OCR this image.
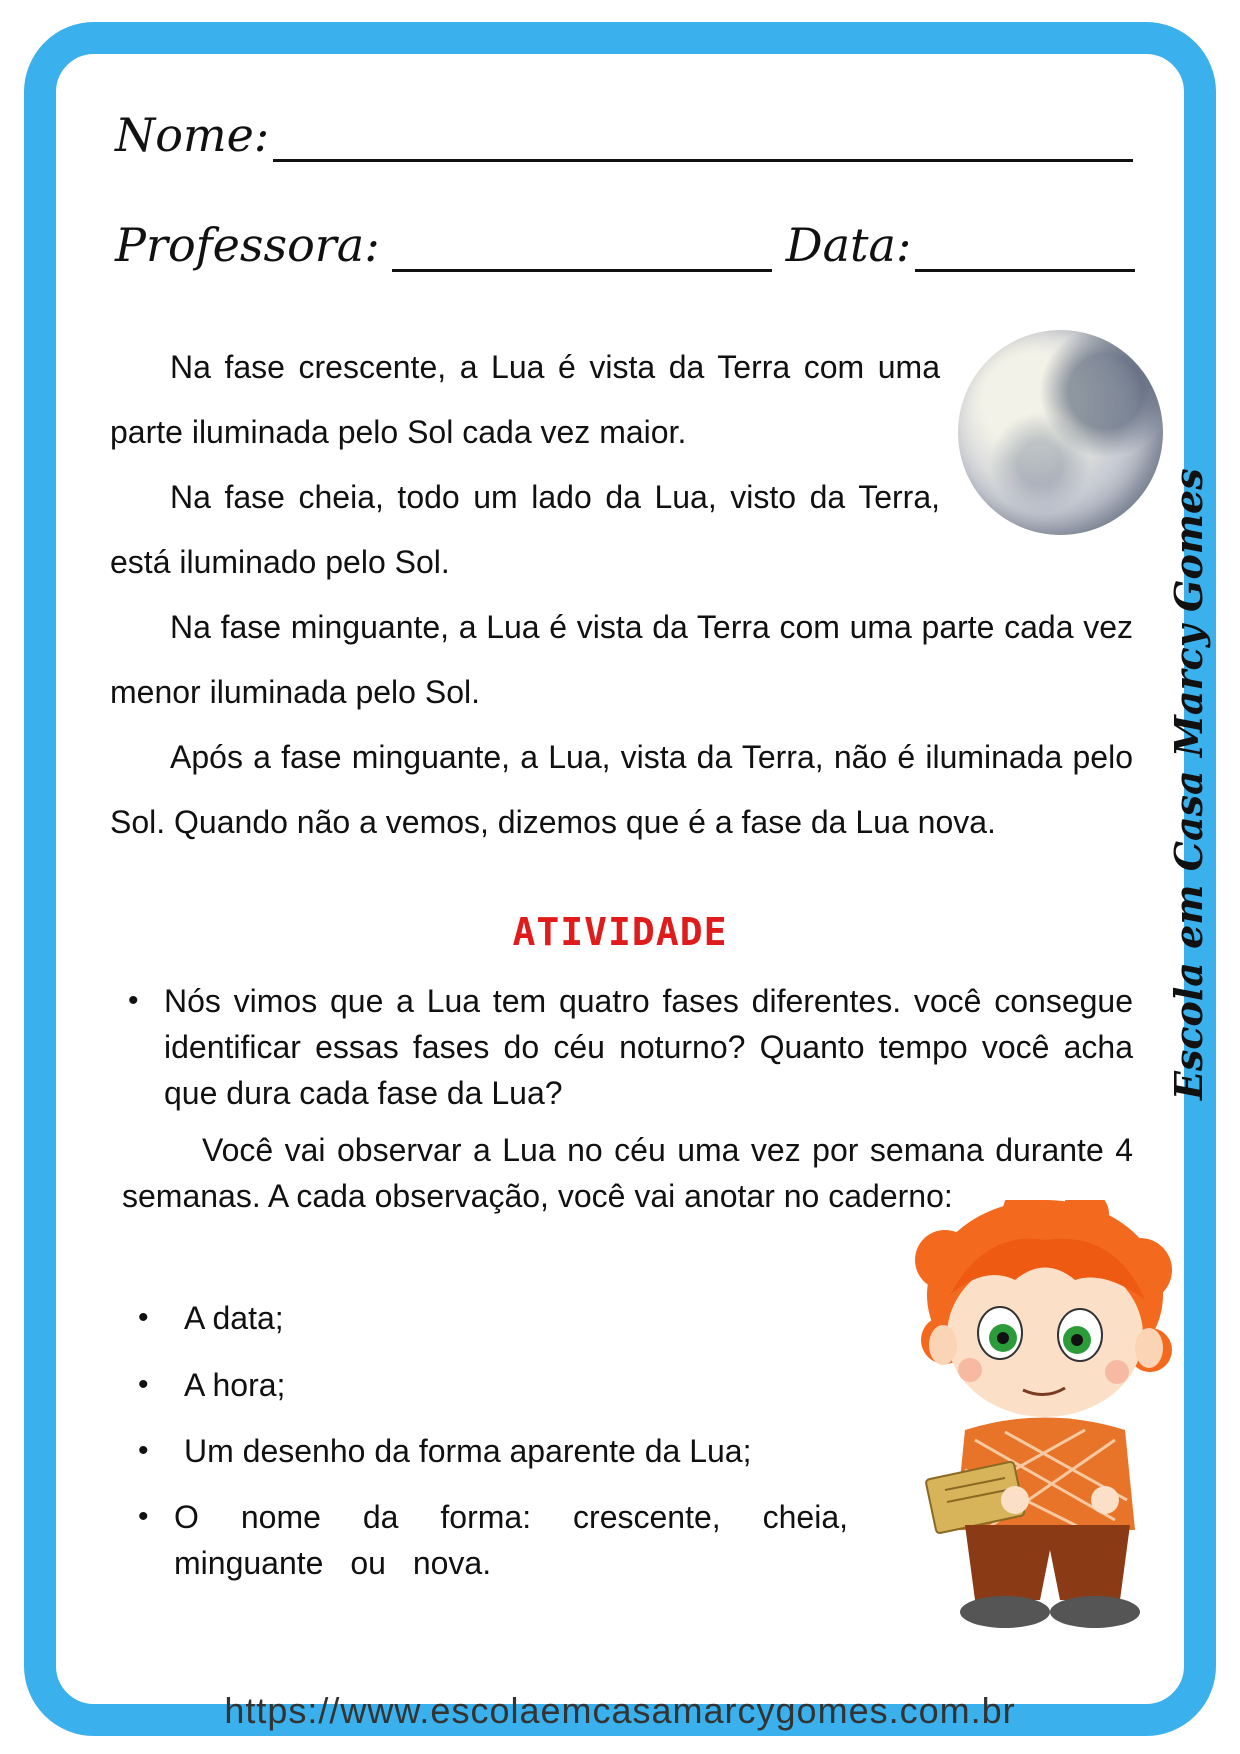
Nome:
Professora:	Data:

Na fase crescente, a Lua é vista da Terra com uma parte iluminada pelo Sol cada vez maior.

Na fase cheia, todo um lado da Lua, visto da Terra, está iluminado pelo Sol.

Na fase minguante, a Lua é vista da Terra com uma parte cada vez menor iluminada pelo Sol.

Após a fase minguante, a Lua, vista da Terra, não é iluminada pelo Sol. Quando não a vemos, dizemos que é a fase da Lua nova.

ATIVIDADE
• Nós vimos que a Lua tem quatro fases diferentes. você consegue identificar essas fases do céu noturno? Quanto tempo você acha que dura cada fase da Lua?

Você vai observar a Lua no céu uma vez por semana durante 4 semanas. A cada observação, você vai anotar no caderno:

•	A data;
•	A hora;
•	Um desenho da forma aparente da Lua;
• O nome da forma: crescente, cheia, minguante ou nova.
Escola em Casa Marcy Gomes
https://www.escolaemcasamarcygomes.com.br
